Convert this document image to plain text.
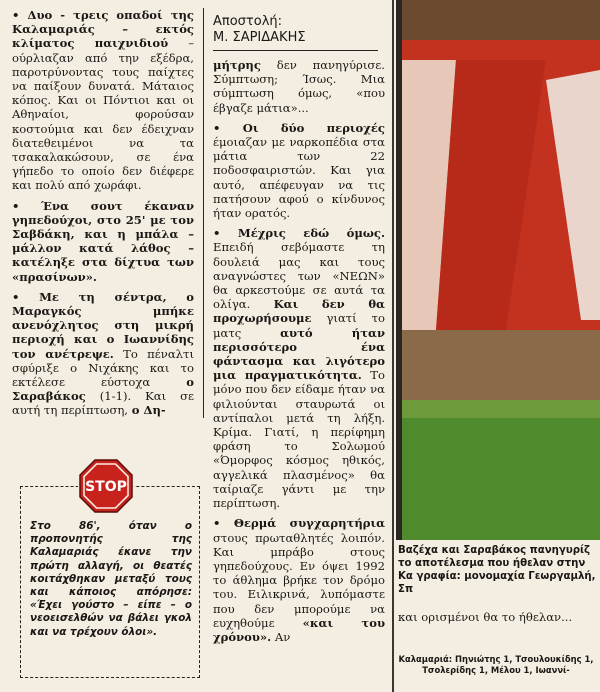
• Δυο - τρεις οπαδοί της Καλαμαριάς – εκτός κλίματος παιχνιδιού – ούρλιαζαν από την εξέδρα, παροτρύνοντας τους παίχτες να παίξουν δυνατά. Μάταιος κόπος. Και οι Πόντιοι και οι Αθηναίοι, φορούσαν κοστούμια και δεν έδειχναν διατεθειμένοι να τα τσακαλακώσουν, σε ένα γήπεδο το οποίο δεν διέφερε και πολύ από χωράφι.

• Ένα σουτ έκαναν γηπεδούχοι, στο 25' με τον Σαβδάκη, και η μπάλα – μάλλον κατά λάθος – κατέληξε στα δίχτυα των «πρασίνων».

• Με τη σέντρα, ο Μαραγκός μπήκε ανενόχλητος στη μικρή περιοχή και ο Ιωαννίδης τον ανέτρεψε. Το πέναλτι σφύριξε ο Νιχάκης και το εκτέλεσε εύστοχα ο Σαραβάκος (1-1). Και σε αυτή τη περίπτωση, ο Δη-

Αποστολή:
Μ. ΣΑΡΙΔΑΚΗΣ

μήτρης δεν πανηγύρισε. Σύμπτωση; Ίσως. Μια σύμπτωση όμως, «που έβγαζε μάτια»...

• Οι δύο περιοχές έμοιαζαν με ναρκοπέδια στα μάτια των 22 ποδοσφαιριστών. Και για αυτό, απέφευγαν να τις πατήσουν αφού ο κίνδυνος ήταν ορατός.

• Μέχρις εδώ όμως. Επειδή σεβόμαστε τη δουλειά μας και τους αναγνώστες των «ΝΕΩΝ» θα αρκεστούμε σε αυτά τα ολίγα. Και δεν θα προχωρήσουμε γιατί το ματς αυτό ήταν περισσότερο ένα φάντασμα και λιγότερο μια πραγματικότητα. Το μόνο που δεν είδαμε ήταν να φιλιούνται σταυρωτά οι αντίπαλοι μετά τη λήξη. Κρίμα. Γιατί, η περίφημη φράση το Σολωμού «Όμορφος κόσμος ηθικός, αγγελικά πλασμένος» θα ταίριαζε γάντι με την περίπτωση.

• Θερμά συγχαρητήρια στους πρωταθλητές λοιπόν. Και μπράβο στους γηπεδούχους. Εν όψει 1992 το άθλημα βρήκε τον δρόμο του. Ειλικρινά, λυπόμαστε που δεν μπορούμε να ευχηθούμε «και του χρόνου». Αν

STOP
Στο 86', όταν ο προπονητής της Καλαμαριάς έκανε την πρώτη αλλαγή, οι θεατές κοιτάχθηκαν μεταξύ τους και κάποιος απόρησε: «Έχει γούστο – είπε – ο νεοεισελθών να βάλει γκολ και να τρέχουν όλοι».
Βαζέχα και Σαραβάκος πανηγυρίζ το αποτέλεσμα που ήθελαν στην Κα γραφία: μονομαχία Γεωργαμλή, Σπ
και ορισμένοι θα το ήθελαν...
Καλαμαριά: Πηνιώτης 1, Τσουλουκίδης 1, Τσολερίδης 1, Μέλου 1, Ιωαννί-
